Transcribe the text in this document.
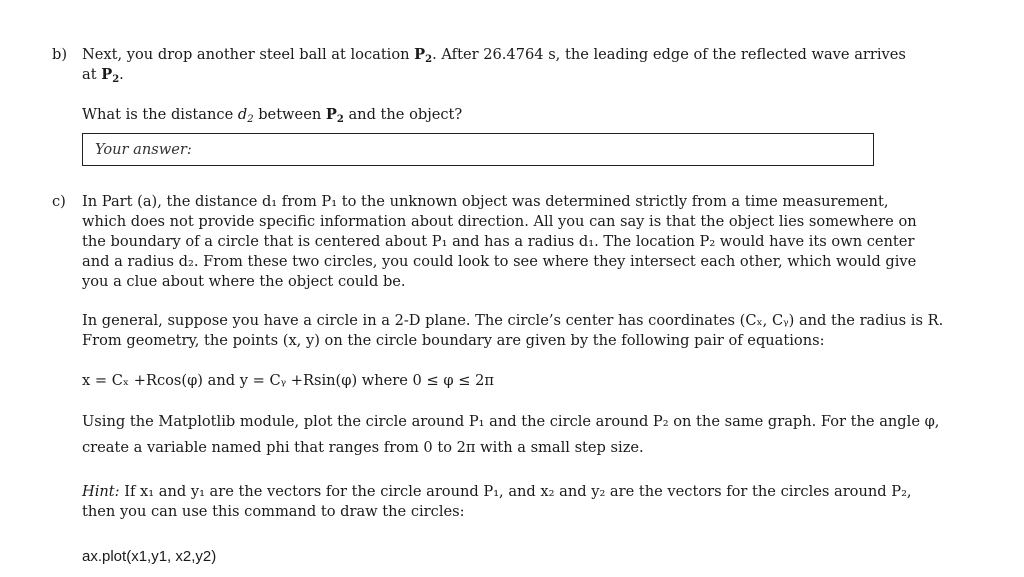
b) Next, you drop another steel ball at location $P_2$. After 26.4764 s, the leading edge of the reflected wave arrives
at $P_2$.
What is the distance $d_2$ between $P_2$ and the object?
Your answer:
c) In Part (a), the distance d₁ from P₁ to the unknown object was determined strictly from a time measurement,
which does not provide specific information about direction. All you can say is that the object lies somewhere on
the boundary of a circle that is centered about P₁ and has a radius d₁. The location P₂ would have its own center
and a radius d₂. From these two circles, you could look to see where they intersect each other, which would give
you a clue about where the object could be.
In general, suppose you have a circle in a 2-D plane. The circle’s center has coordinates (Cₓ, Cᵧ) and the radius is R.
From geometry, the points (x, y) on the circle boundary are given by the following pair of equations:
x = Cₓ +Rcos(φ) and y = Cᵧ +Rsin(φ) where 0 ≤ φ ≤ 2π
Using the Matplotlib module, plot the circle around P₁ and the circle around P₂ on the same graph. For the angle φ,
create a variable named phi that ranges from 0 to 2π with a small step size.
Hint: If x₁ and y₁ are the vectors for the circle around P₁, and x₂ and y₂ are the vectors for the circles around P₂,
then you can use this command to draw the circles:
ax.plot(x1,y1, x2,y2)
